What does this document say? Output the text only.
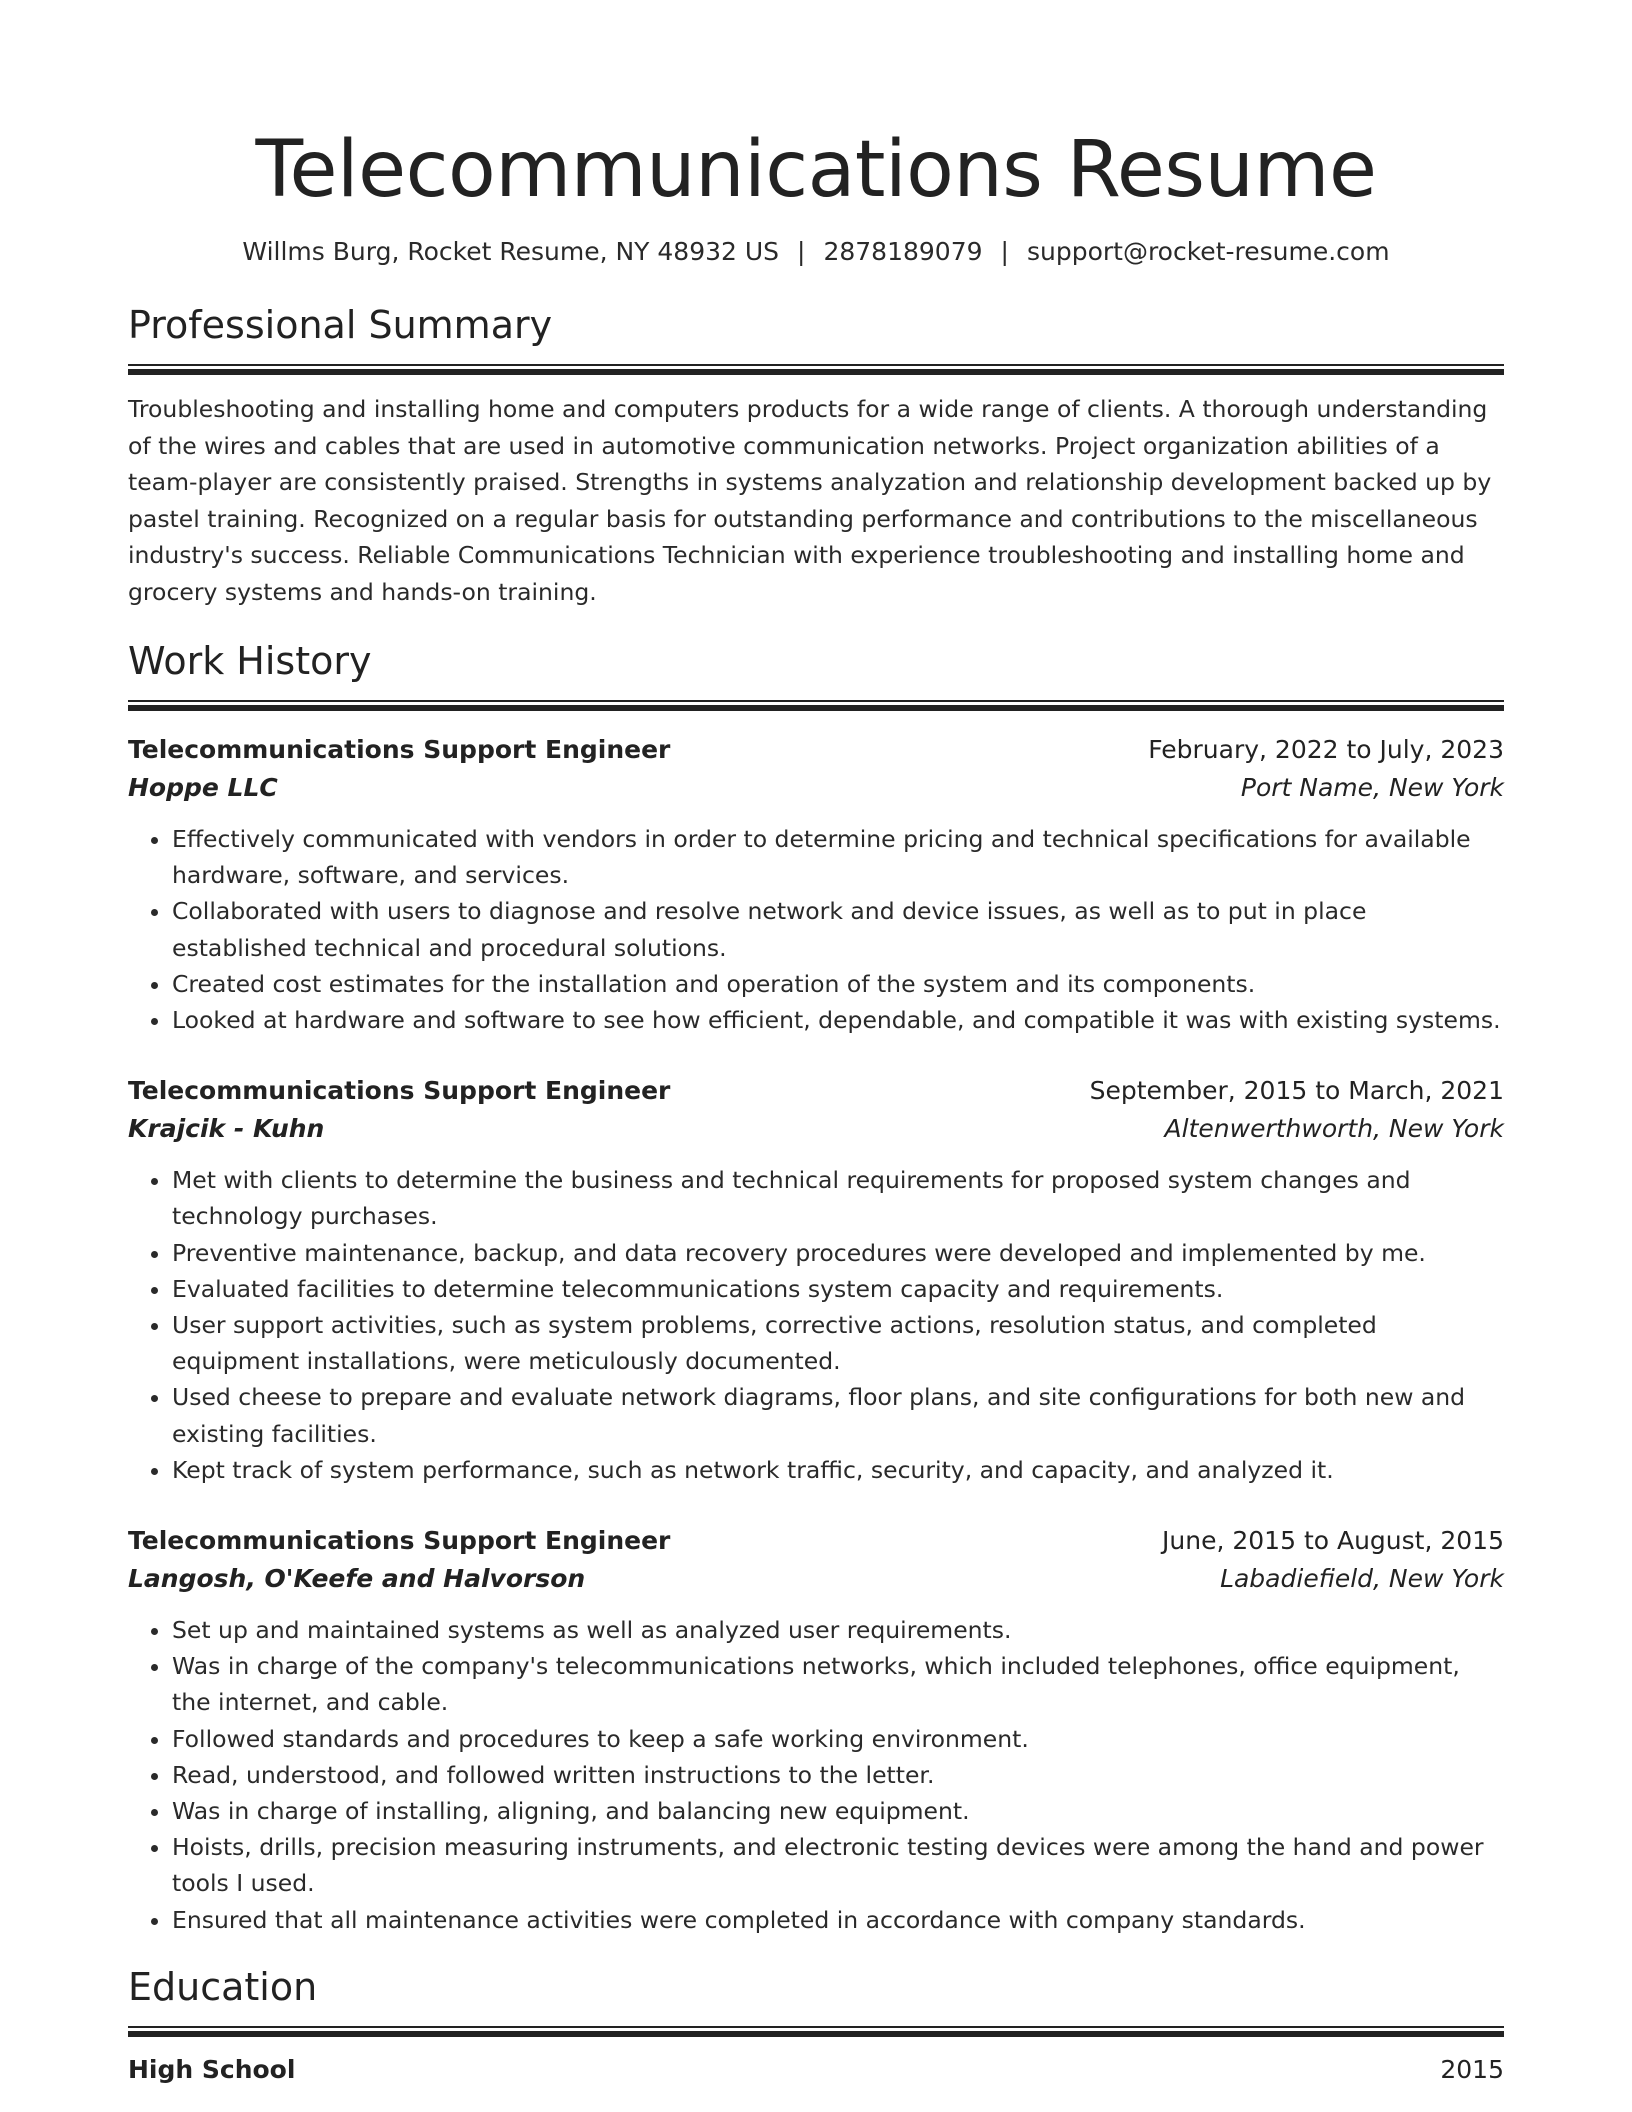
Telecommunications Resume
Willms Burg, Rocket Resume, NY 48932 US | 2878189079 | support@rocket-resume.com
Professional Summary

Troubleshooting and installing home and computers products for a wide range of clients. A thorough understanding of the wires and cables that are used in automotive communication networks. Project organization abilities of a team-player are consistently praised. Strengths in systems analyzation and relationship development backed up by pastel training. Recognized on a regular basis for outstanding performance and contributions to the miscellaneous industry's success. Reliable Communications Technician with experience troubleshooting and installing home and grocery systems and hands-on training.

Work History
Telecommunications Support Engineer	February, 2022 to July, 2023
Hoppe LLC	Port Name, New York
• Effectively communicated with vendors in order to determine pricing and technical specifications for available hardware, software, and services.
• Collaborated with users to diagnose and resolve network and device issues, as well as to put in place established technical and procedural solutions.
• Created cost estimates for the installation and operation of the system and its components.
• Looked at hardware and software to see how efficient, dependable, and compatible it was with existing systems.
Telecommunications Support Engineer	September, 2015 to March, 2021
Krajcik - Kuhn	Altenwerthworth, New York
• Met with clients to determine the business and technical requirements for proposed system changes and technology purchases.
• Preventive maintenance, backup, and data recovery procedures were developed and implemented by me.
• Evaluated facilities to determine telecommunications system capacity and requirements.
• User support activities, such as system problems, corrective actions, resolution status, and completed equipment installations, were meticulously documented.
• Used cheese to prepare and evaluate network diagrams, floor plans, and site configurations for both new and existing facilities.
• Kept track of system performance, such as network traffic, security, and capacity, and analyzed it.
Telecommunications Support Engineer	June, 2015 to August, 2015
Langosh, O'Keefe and Halvorson	Labadiefield, New York
• Set up and maintained systems as well as analyzed user requirements.
• Was in charge of the company's telecommunications networks, which included telephones, office equipment, the internet, and cable.
• Followed standards and procedures to keep a safe working environment.
• Read, understood, and followed written instructions to the letter.
• Was in charge of installing, aligning, and balancing new equipment.
• Hoists, drills, precision measuring instruments, and electronic testing devices were among the hand and power tools I used.
• Ensured that all maintenance activities were completed in accordance with company standards.
Education
High School	2015
